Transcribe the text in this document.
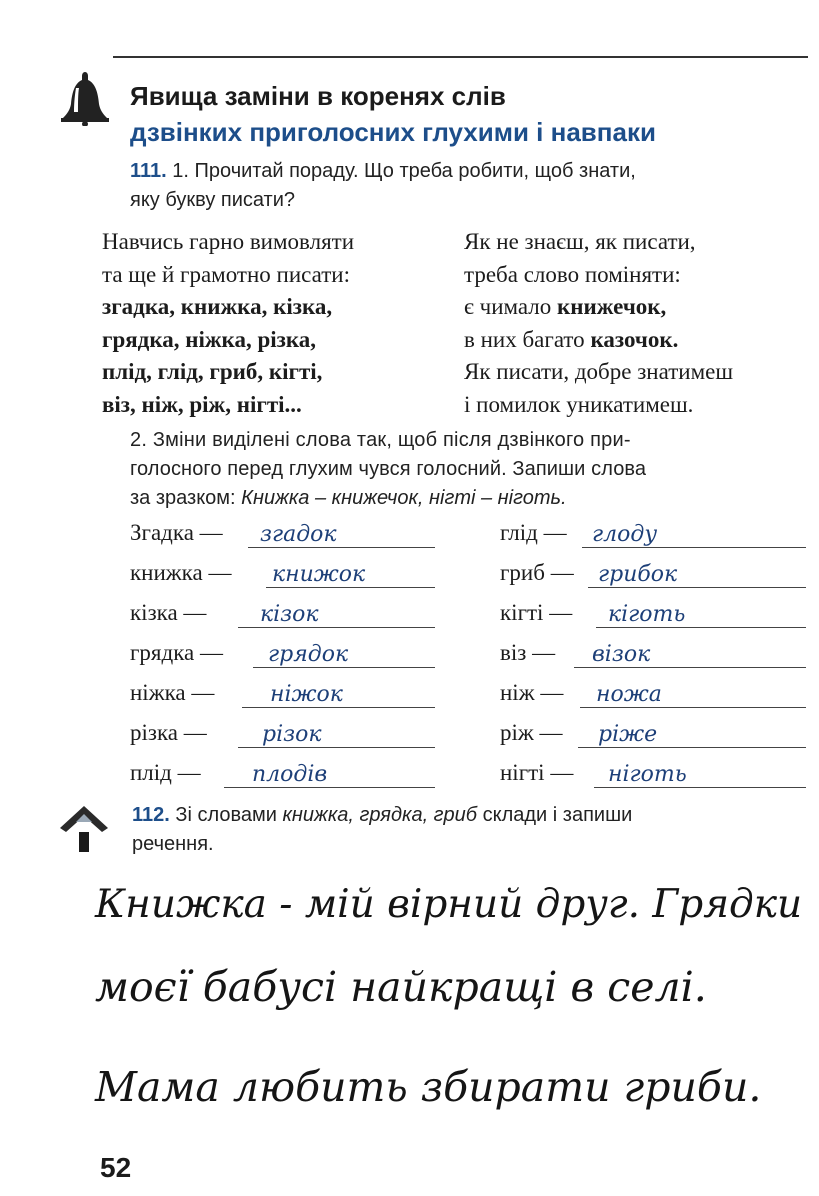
Явища заміни в коренях слів
дзвінких приголосних глухими і навпаки
111. 1. Прочитай пораду. Що треба робити, щоб знати,
яку букву писати?
Навчись гарно вимовляти
та ще й грамотно писати:
згадка, книжка, кізка,
грядка, ніжка, різка,
плід, глід, гриб, кігті,
віз, ніж, ріж, нігті...
Як не знаєш, як писати,
треба слово поміняти:
є чимало книжечок,
в них багато казочок.
Як писати, добре знатимеш
і помилок уникатимеш.
2. Зміни виділені слова так, щоб після дзвінкого при-
голосного перед глухим чувся голосний. Запиши слова
за зразком: Книжка – книжечок, нігті – ніготь.
Згадка — згадок
книжка — книжок
кізка — кізок
грядка — грядок
ніжка —	ніжок
різка —	різок
плід — плодів
глід — глоду
гриб — грибок
кігті — кіготь
віз — візок
ніж — ножа
ріж — ріже
нігті — ніготь
112. Зі словами книжка, грядка, гриб склади і запиши
речення.
Книжка - мій вірний друг. Грядки
моєї бабусі найкращі в селі.
Мама любить збирати гриби.
52
